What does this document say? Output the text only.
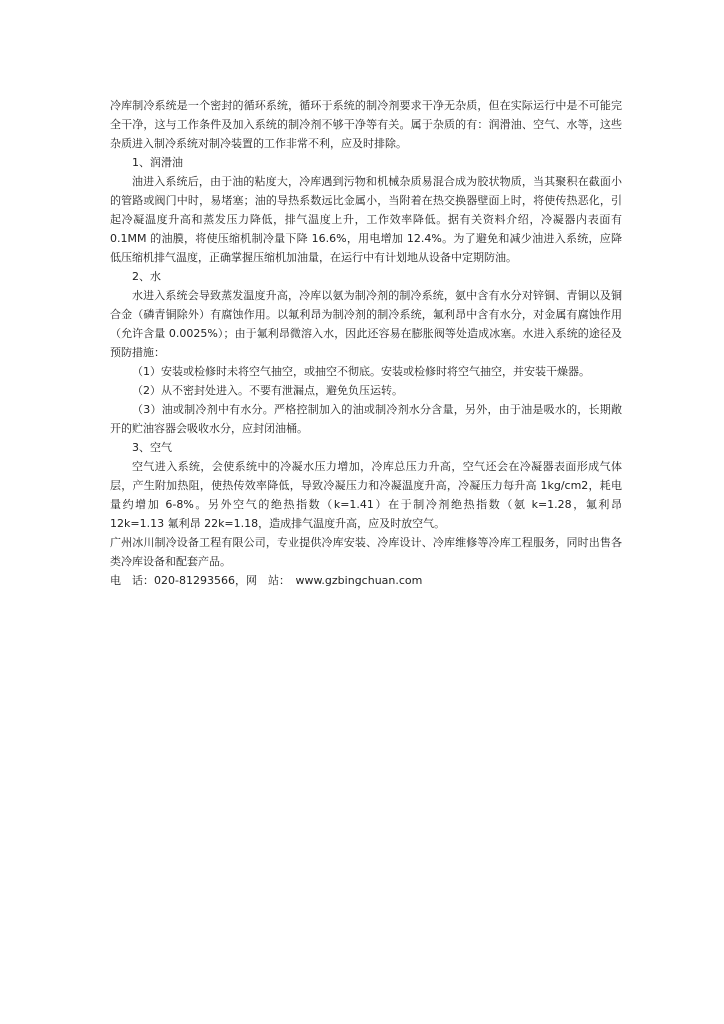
冷库制冷系统是一个密封的循环系统，循环于系统的制冷剂要求干净无杂质，但在实际运行中是不可能完全干净，这与工作条件及加入系统的制冷剂不够干净等有关。属于杂质的有：润滑油、空气、水等，这些杂质进入制冷系统对制冷装置的工作非常不利，应及时排除。

1、润滑油

油进入系统后，由于油的粘度大，冷库遇到污物和机械杂质易混合成为胶状物质，当其聚积在截面小的管路或阀门中时，易堵塞；油的导热系数远比金属小，当附着在热交换器壁面上时，将使传热恶化，引起冷凝温度升高和蒸发压力降低，排气温度上升，工作效率降低。据有关资料介绍，冷凝器内表面有 0.1MM 的油膜，将使压缩机制冷量下降 16.6%，用电增加 12.4%。为了避免和减少油进入系统，应降低压缩机排气温度，正确掌握压缩机加油量，在运行中有计划地从设备中定期防油。

2、水

水进入系统会导致蒸发温度升高，冷库以氨为制冷剂的制冷系统，氨中含有水分对锌铜、青铜以及铜合金（磷青铜除外）有腐蚀作用。以氟利昂为制冷剂的制冷系统，氟利昂中含有水分，对金属有腐蚀作用（允许含量 0.0025%）；由于氟利昂微溶入水，因此还容易在膨胀阀等处造成冰塞。水进入系统的途径及预防措施：

（1）安装或检修时未将空气抽空，或抽空不彻底。安装或检修时将空气抽空，并安装干燥器。

（2）从不密封处进入。不要有泄漏点，避免负压运转。

（3）油或制冷剂中有水分。严格控制加入的油或制冷剂水分含量，另外，由于油是吸水的，长期敞开的贮油容器会吸收水分，应封闭油桶。

3、空气

空气进入系统，会使系统中的冷凝水压力增加，冷库总压力升高，空气还会在冷凝器表面形成气体层，产生附加热阻，使热传效率降低，导致冷凝压力和冷凝温度升高，冷凝压力每升高 1kg/cm2，耗电量约增加 6-8%。另外空气的绝热指数（k=1.41）在于制冷剂绝热指数（氨 k=1.28，氟利昂 12k=1.13 氟利昂 22k=1.18，造成排气温度升高，应及时放空气。

广州冰川制冷设备工程有限公司，专业提供冷库安装、冷库设计、冷库维修等冷库工程服务，同时出售各类冷库设备和配套产品。

电　话：020-81293566，网　站：　www.gzbingchuan.com
